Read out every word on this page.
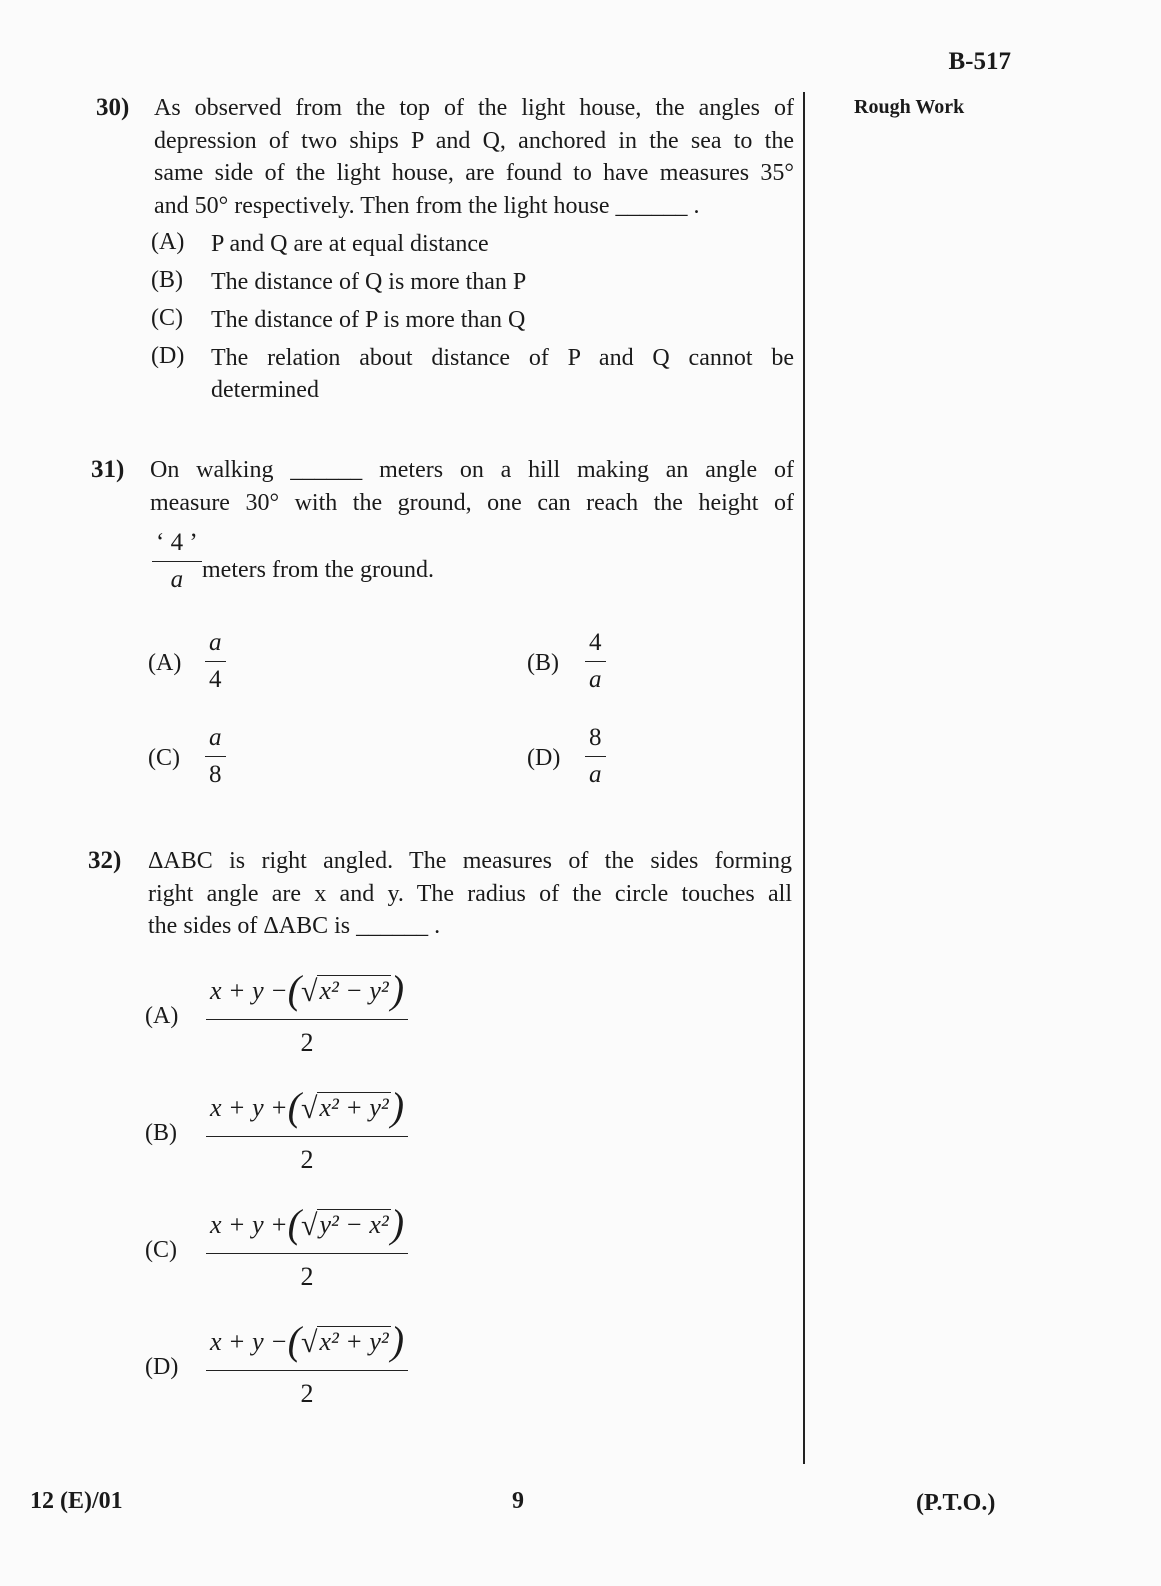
B-517
Rough Work
30) As observed from the top of the light house, the angles of
depression of two ships P and Q, anchored in the sea to the
same side of the light house, are found to have measures 35°
and 50° respectively. Then from the light house ______ .
(A) P and Q are at equal distance
(B) The distance of Q is more than P
(C) The distance of P is more than Q
(D) The relation about distance of P and Q cannot be
determined
31) On walking ______ meters on a hill making an angle of
measure 30° with the ground, one can reach the height of
$\frac{‘ 4 ’}{a}$ meters from the ground.
$(A) \frac{a}{4}$	$(B) \frac{4}{a}$
$(C) \frac{a}{8}$	$(D) \frac{8}{a}$
32) ΔABC is right angled. The measures of the sides forming
right angle are x and y. The radius of the circle touches all
the sides of ΔABC is ______ .
$(A) \frac{\text{x + y −(√x² − y²)}}{2}$
$(B) \frac{\text{x + y +(√x² + y²)}}{2}$
$(C) \frac{\text{x + y +(√y² − x²)}}{2}$
$(D) \frac{\text{x + y −(√x² + y²)}}{2}$
12 (E)/01	9	(P.T.O.)
